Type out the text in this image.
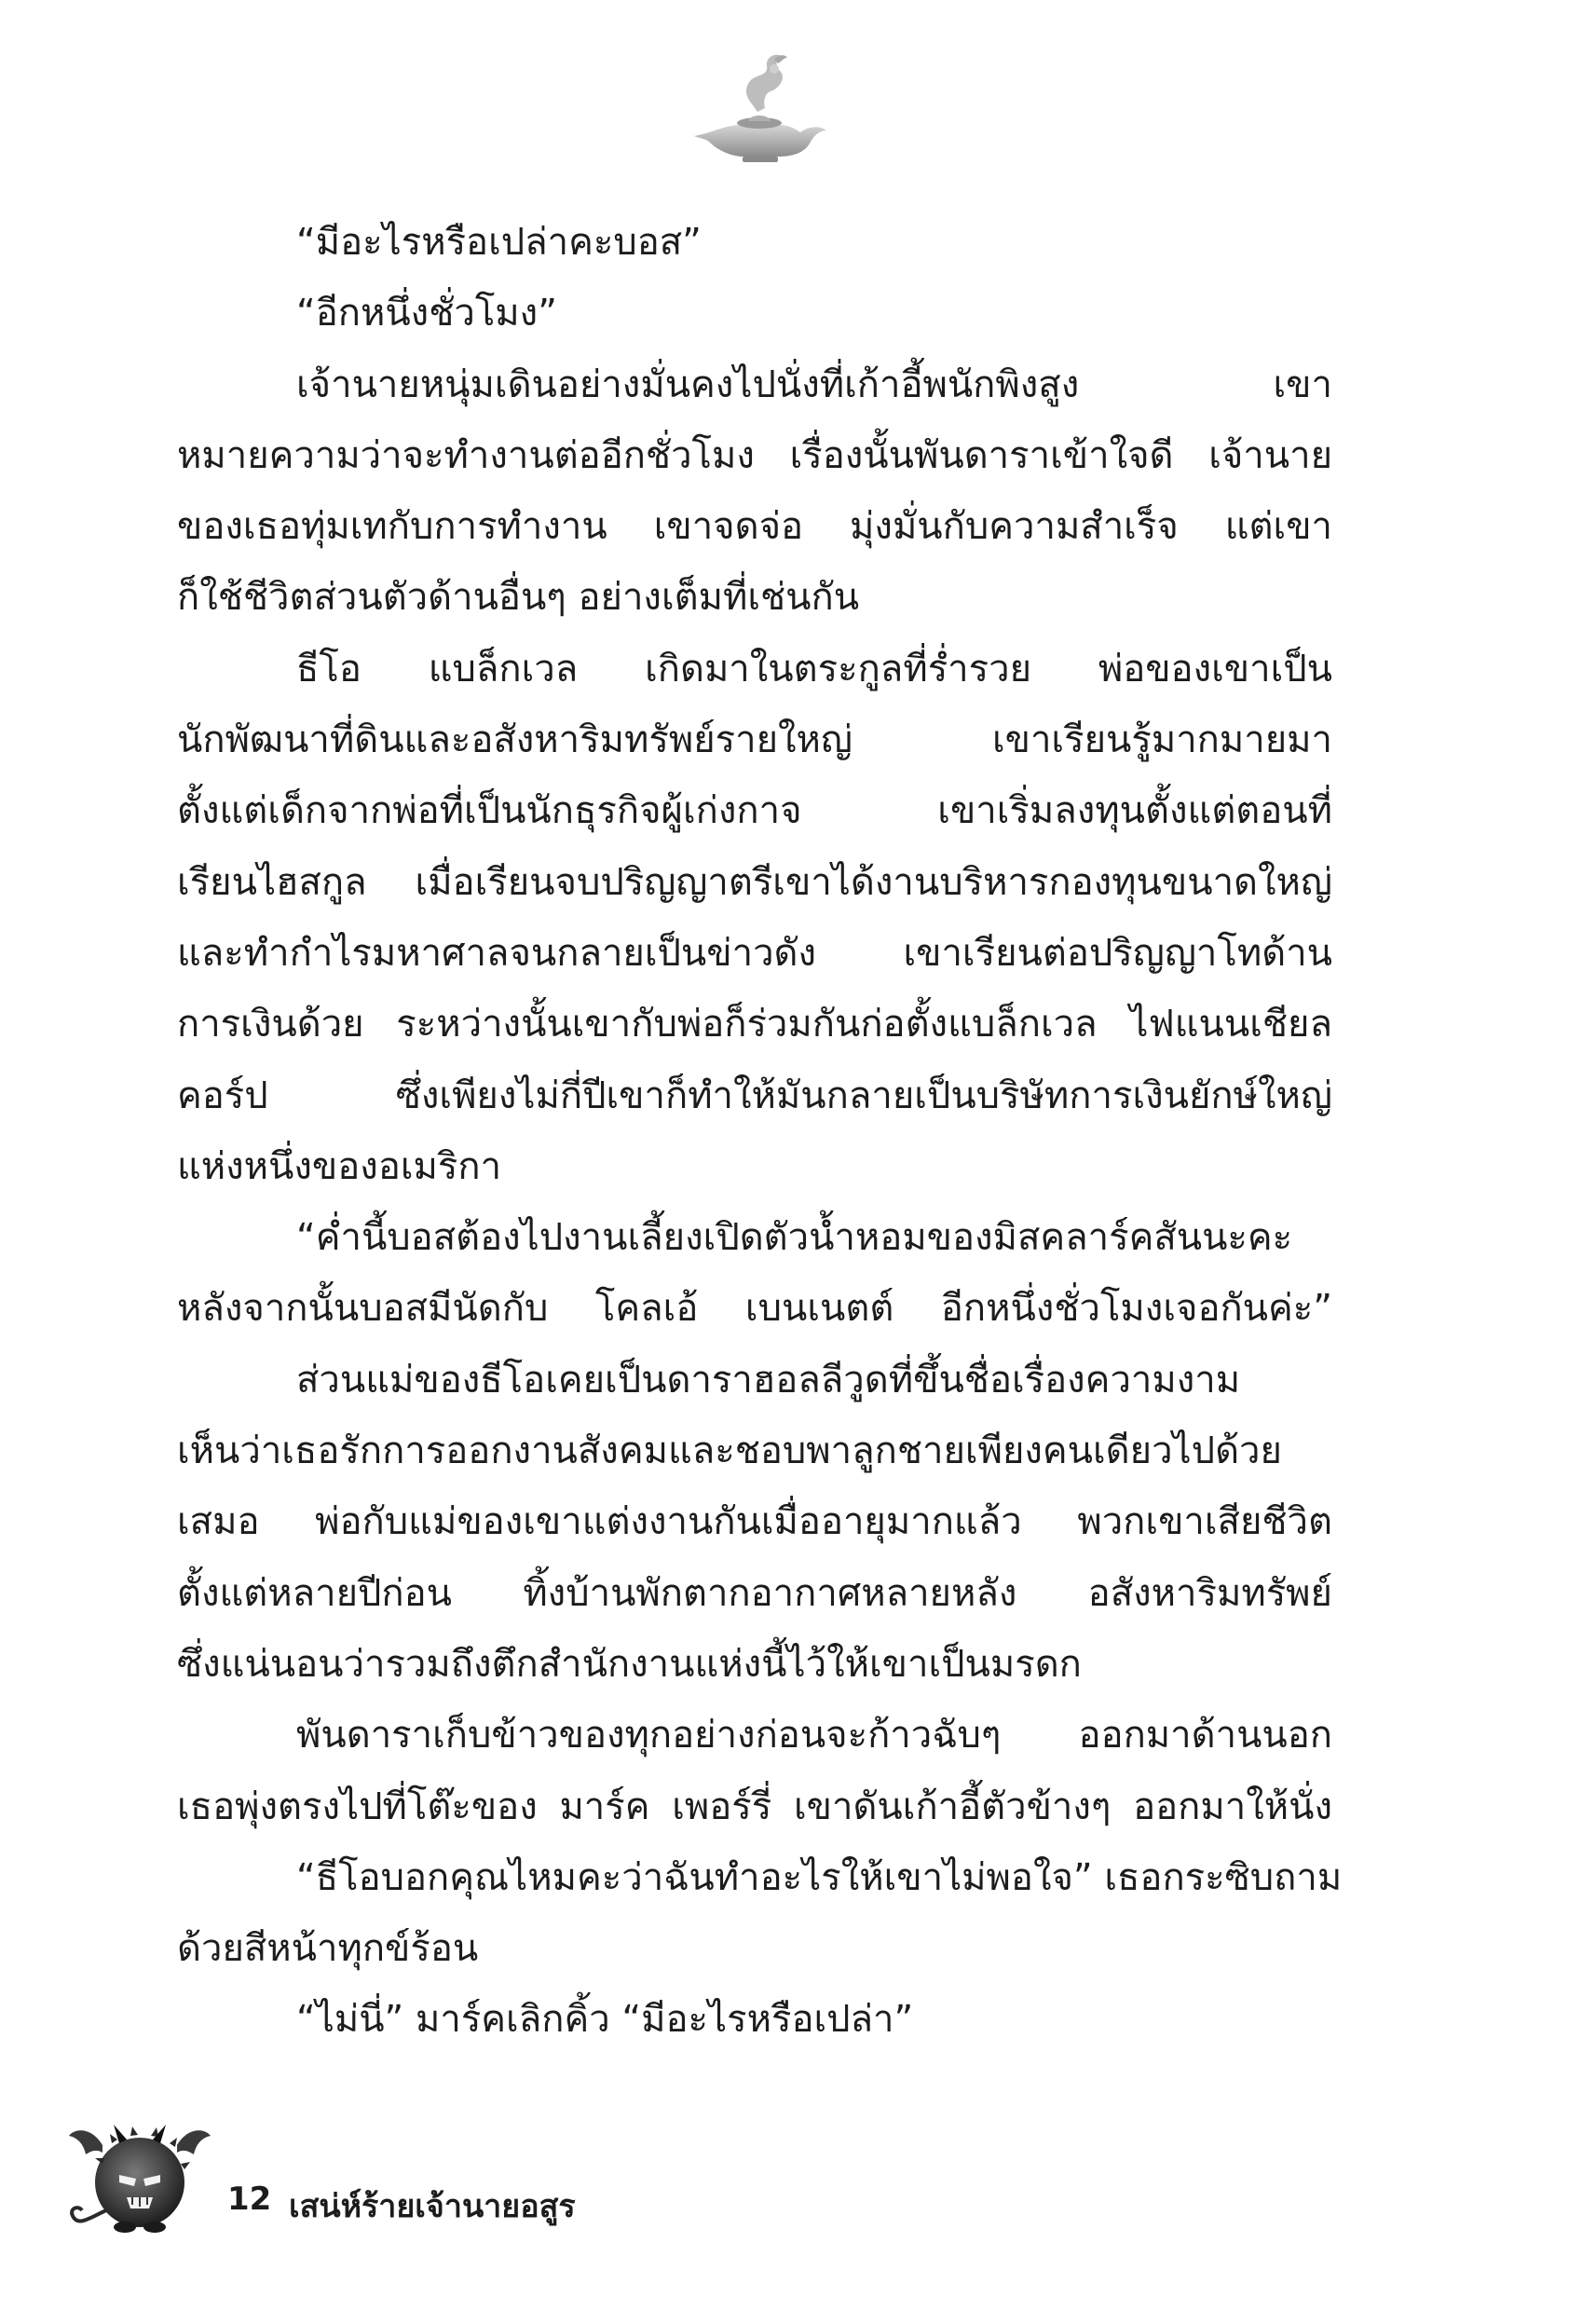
“มีอะไรหรือเปล่าคะบอส”
“อีกหนึ่งชั่วโมง”
เจ้านายหนุ่มเดินอย่างมั่นคงไปนั่งที่เก้าอี้พนักพิงสูง เขา
หมายความว่าจะทำงานต่ออีกชั่วโมง เรื่องนั้นพันดาราเข้าใจดี เจ้านาย
ของเธอทุ่มเทกับการทำงาน เขาจดจ่อ มุ่งมั่นกับความสำเร็จ แต่เขา
ก็ใช้ชีวิตส่วนตัวด้านอื่นๆ อย่างเต็มที่เช่นกัน
ธีโอ แบล็กเวล เกิดมาในตระกูลที่ร่ำรวย พ่อของเขาเป็น
นักพัฒนาที่ดินและอสังหาริมทรัพย์รายใหญ่ เขาเรียนรู้มากมายมา
ตั้งแต่เด็กจากพ่อที่เป็นนักธุรกิจผู้เก่งกาจ เขาเริ่มลงทุนตั้งแต่ตอนที่
เรียนไฮสกูล เมื่อเรียนจบปริญญาตรีเขาได้งานบริหารกองทุนขนาดใหญ่
และทำกำไรมหาศาลจนกลายเป็นข่าวดัง เขาเรียนต่อปริญญาโทด้าน
การเงินด้วย ระหว่างนั้นเขากับพ่อก็ร่วมกันก่อตั้งแบล็กเวล ไฟแนนเชียล
คอร์ป ซึ่งเพียงไม่กี่ปีเขาก็ทำให้มันกลายเป็นบริษัทการเงินยักษ์ใหญ่
แห่งหนึ่งของอเมริกา
“ค่ำนี้บอสต้องไปงานเลี้ยงเปิดตัวน้ำหอมของมิสคลาร์คสันนะคะ
หลังจากนั้นบอสมีนัดกับ โคลเอ้ เบนเนตต์ อีกหนึ่งชั่วโมงเจอกันค่ะ”
ส่วนแม่ของธีโอเคยเป็นดาราฮอลลีวูดที่ขึ้นชื่อเรื่องความงาม
เห็นว่าเธอรักการออกงานสังคมและชอบพาลูกชายเพียงคนเดียวไปด้วย
เสมอ พ่อกับแม่ของเขาแต่งงานกันเมื่ออายุมากแล้ว พวกเขาเสียชีวิต
ตั้งแต่หลายปีก่อน ทิ้งบ้านพักตากอากาศหลายหลัง อสังหาริมทรัพย์
ซึ่งแน่นอนว่ารวมถึงตึกสำนักงานแห่งนี้ไว้ให้เขาเป็นมรดก
พันดาราเก็บข้าวของทุกอย่างก่อนจะก้าวฉับๆ ออกมาด้านนอก
เธอพุ่งตรงไปที่โต๊ะของ มาร์ค เพอร์รี่ เขาดันเก้าอี้ตัวข้างๆ ออกมาให้นั่ง
“ธีโอบอกคุณไหมคะว่าฉันทำอะไรให้เขาไม่พอใจ” เธอกระซิบถาม
ด้วยสีหน้าทุกข์ร้อน
“ไม่นี่” มาร์คเลิกคิ้ว “มีอะไรหรือเปล่า”
12 เสน่ห์ร้ายเจ้านายอสูร
